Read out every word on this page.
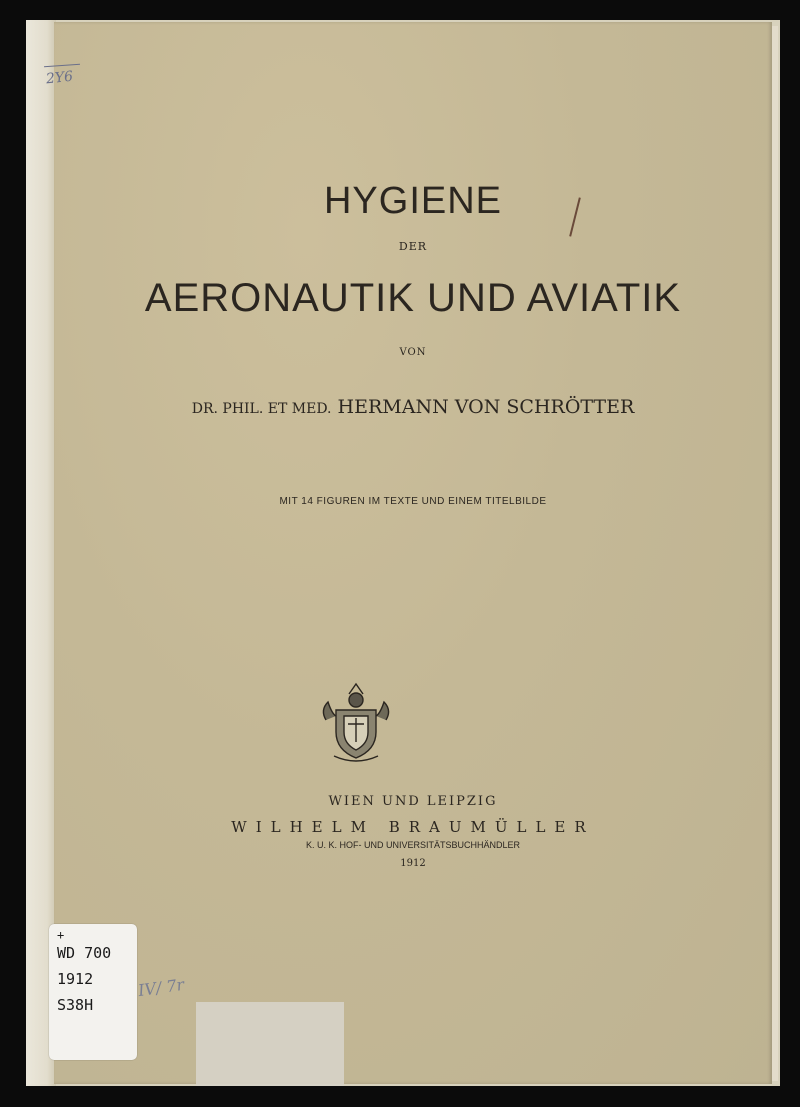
HYGIENE
DER
AERONAUTIK UND AVIATIK
VON
DR. PHIL. ET MED. HERMANN VON SCHRÖTTER
MIT 14 FIGUREN IM TEXTE UND EINEM TITELBILDE
WIEN UND LEIPZIG
WILHELM BRAUMÜLLER
K. U. K. HOF- UND UNIVERSITÄTSBUCHHÄNDLER
1912
2Y6
IV/ 7r
+
WD 700
1912
S38H
